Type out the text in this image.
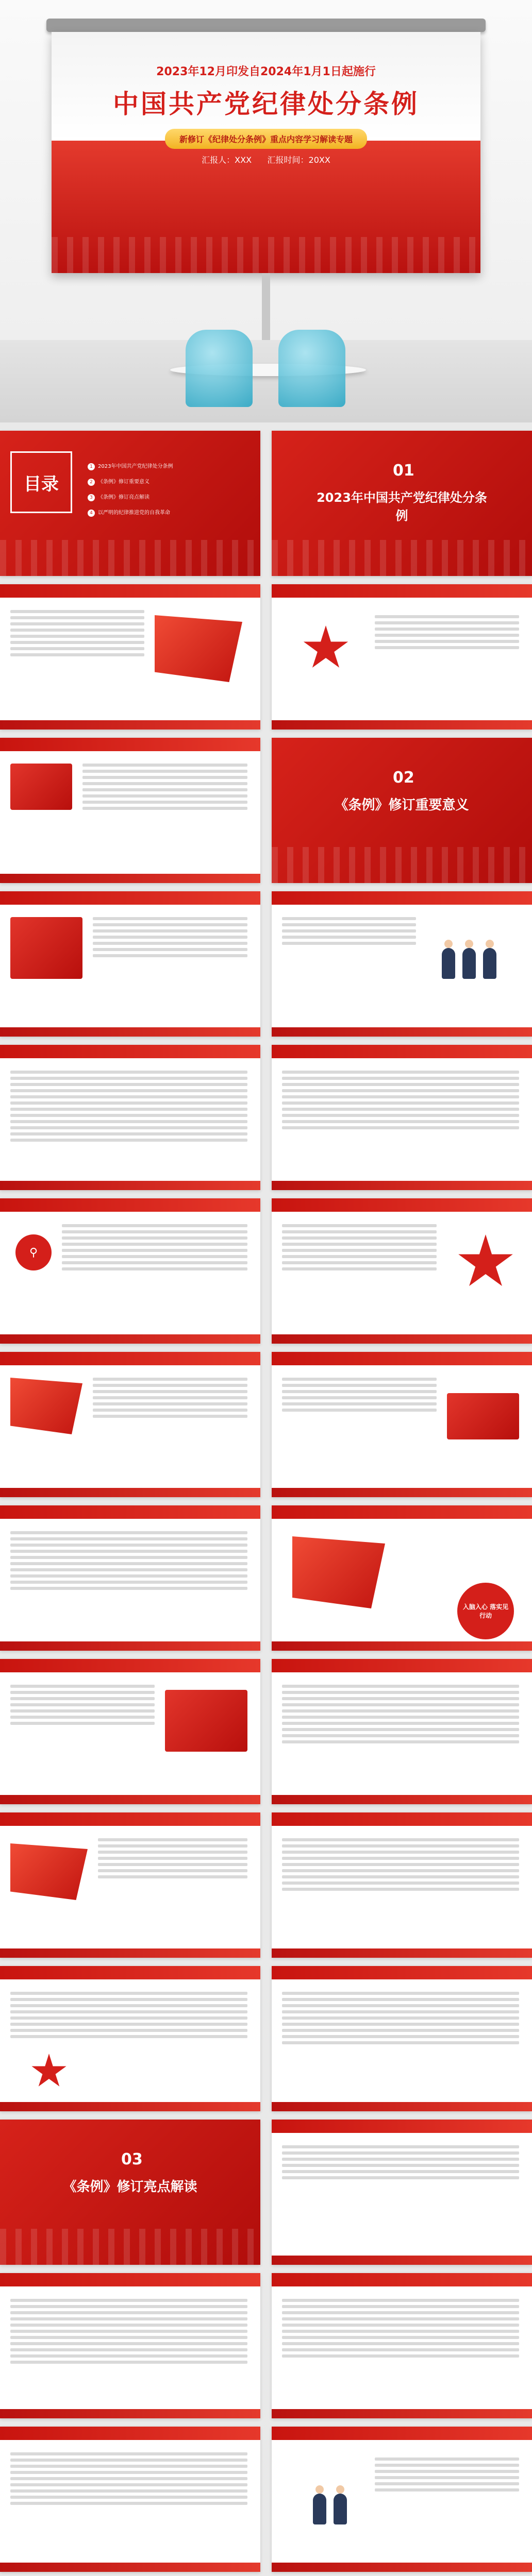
2023年12月印发自2024年1月1日起施行
中国共产党纪律处分条例
新修订《纪律处分条例》重点内容学习解读专题
汇报人：XXX 汇报时间：20XX
目录
1 2023年中国共产党纪律处分条例
2 《条例》修订重要意义
3 《条例》修订亮点解读
4 以严明的纪律推进党的自我革命
01
2023年中国共产党纪律处分条例
02
《条例》修订重要意义
⚲
入脑入心 落实见行动
03
《条例》修订亮点解读
